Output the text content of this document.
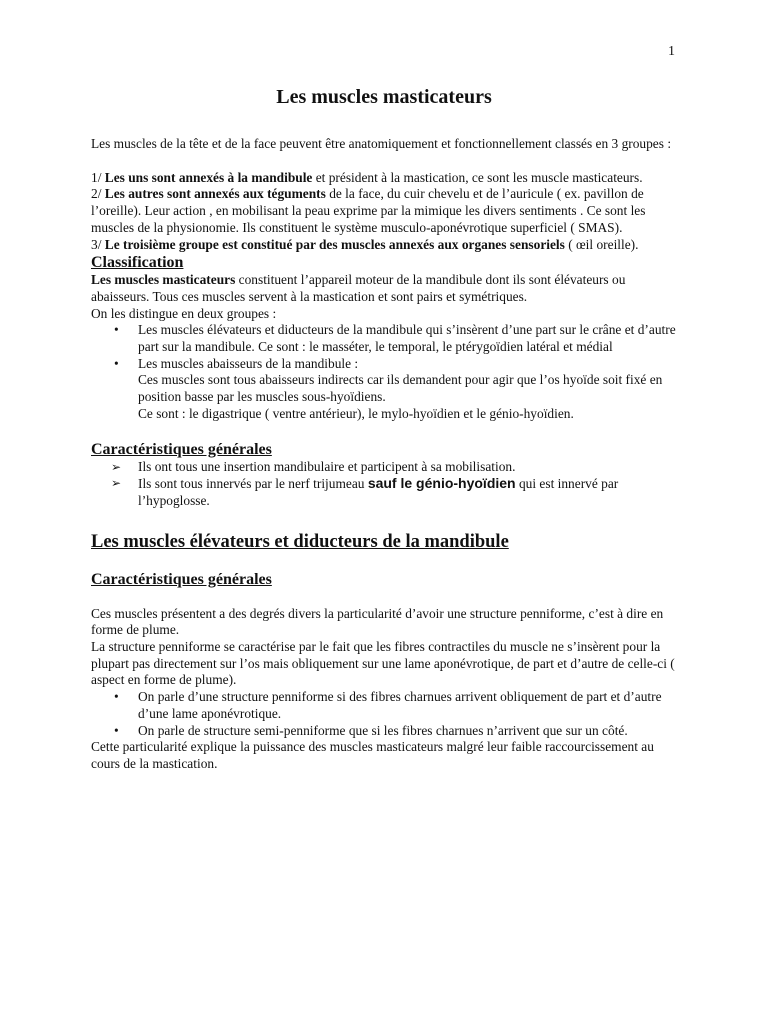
1
Les muscles masticateurs

Les muscles de la tête et de la face peuvent être anatomiquement et fonctionnellement classés en 3 groupes :

1/ Les uns sont annexés à la mandibule et président à la mastication, ce sont les muscle masticateurs.

2/ Les autres sont annexés aux téguments de la face, du cuir chevelu et de l’auricule ( ex. pavillon de l’oreille). Leur action , en mobilisant la peau exprime par la mimique les divers sentiments . Ce sont les muscles de la physionomie. Ils constituent le système musculo-aponévrotique superficiel ( SMAS).

3/ Le troisième groupe est constitué par des muscles annexés aux organes sensoriels ( œil oreille).

Classification

Les muscles masticateurs constituent l’appareil moteur de la mandibule dont ils sont élévateurs ou abaisseurs. Tous ces muscles servent à la mastication et sont pairs et symétriques.

On les distingue en deux groupes :

• Les muscles élévateurs et diducteurs de la mandibule qui s’insèrent d’une part sur le crâne et d’autre part sur la mandibule. Ce sont : le masséter, le temporal, le ptérygoïdien latéral et médial
• Les muscles abaisseurs de la mandibule :
Ces muscles sont tous abaisseurs indirects car ils demandent pour agir que l’os hyoïde soit fixé en position basse par les muscles sous-hyoïdiens.
Ce sont : le digastrique ( ventre antérieur), le mylo-hyoïdien et le génio-hyoïdien.
Caractéristiques générales
➢ Ils ont tous une insertion mandibulaire et participent à sa mobilisation.
➢ Ils sont tous innervés par le nerf trijumeau sauf le génio-hyoïdien qui est innervé par l’hypoglosse.
Les muscles élévateurs et diducteurs de la mandibule
Caractéristiques générales

Ces muscles présentent a des degrés divers la particularité d’avoir une structure penniforme, c’est à dire en forme de plume.

La structure penniforme se caractérise par le fait que les fibres contractiles du muscle ne s’insèrent pour la plupart pas directement sur l’os mais obliquement sur une lame aponévrotique, de part et d’autre de celle-ci ( aspect en forme de plume).

• On parle d’une structure penniforme si des fibres charnues arrivent obliquement de part et d’autre d’une lame aponévrotique.
• On parle de structure semi-penniforme que si les fibres charnues n’arrivent que sur un côté.

Cette particularité explique la puissance des muscles masticateurs malgré leur faible raccourcissement au cours de la mastication.
